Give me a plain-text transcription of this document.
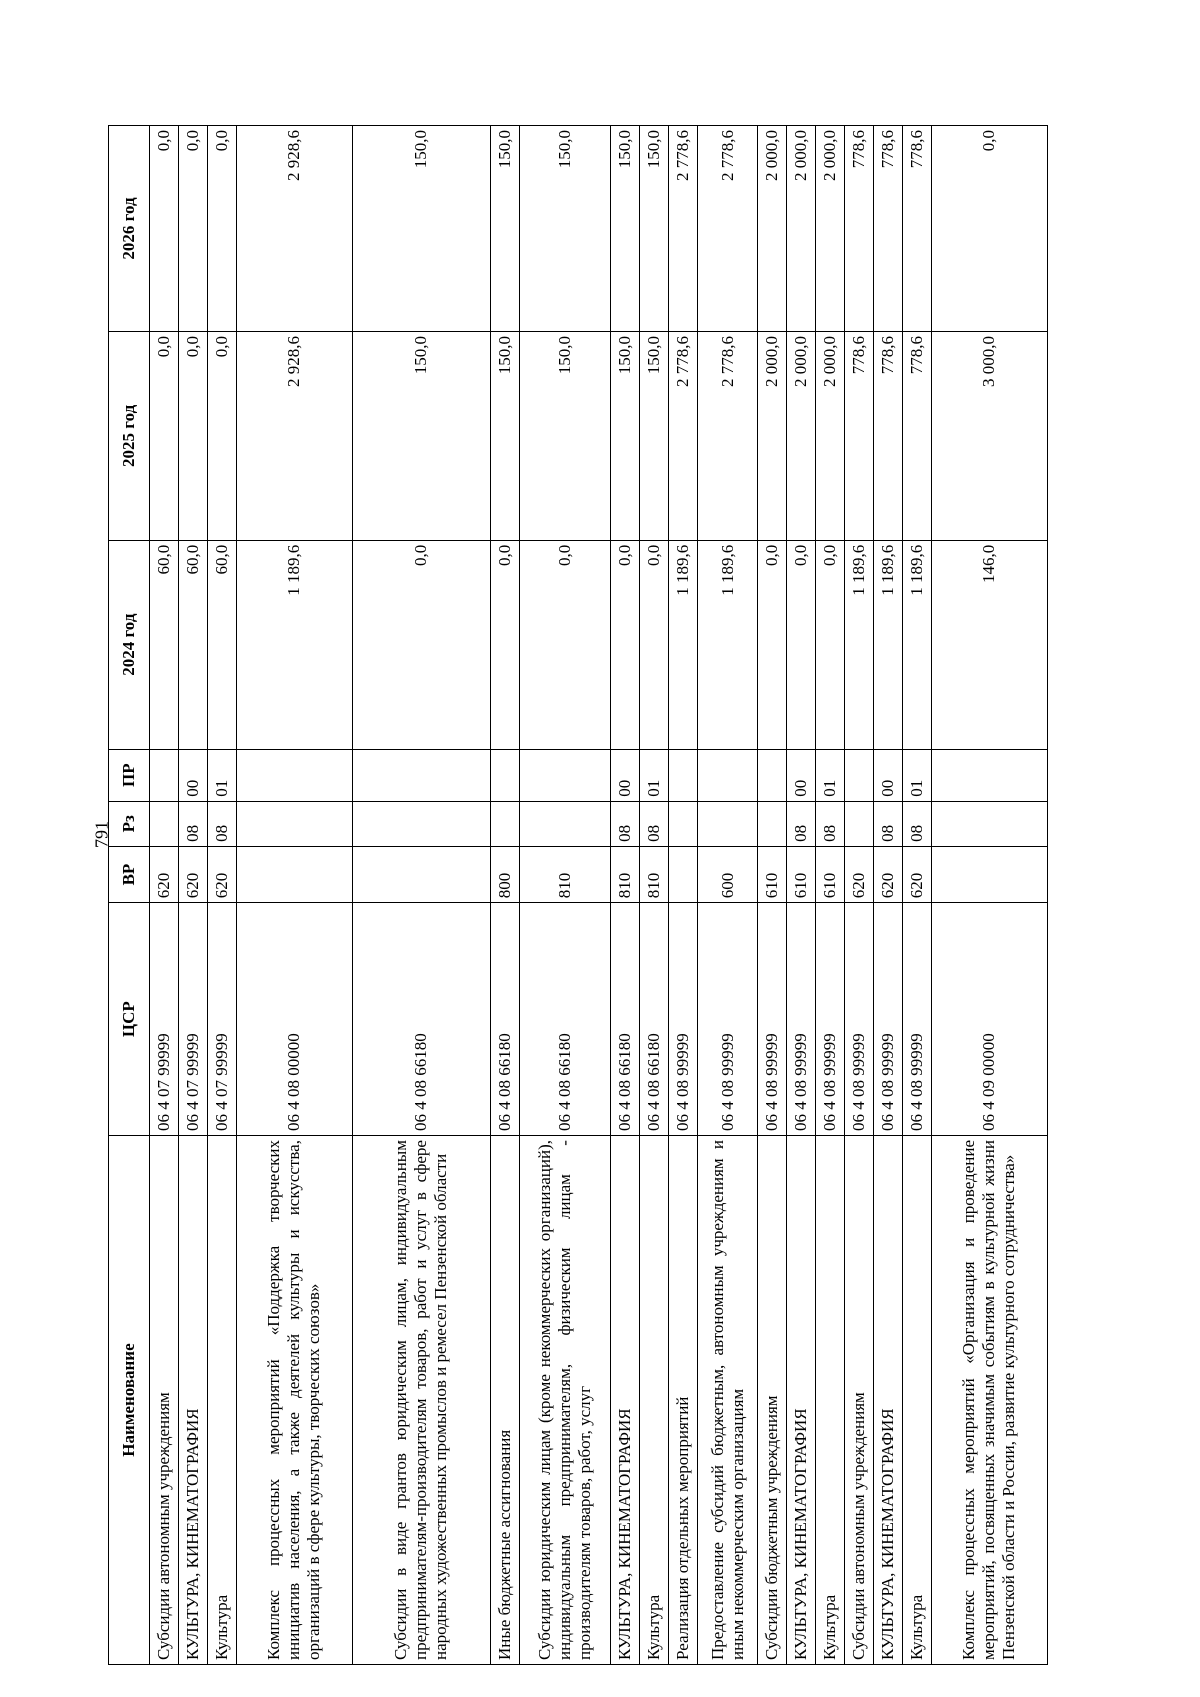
791
Наименование	ЦСР	ВР	Рз	ПР	2024 год	2025 год	2026 год
Субсидии автономным учреждениям	06 4 07 99999	620			60,0	0,0	0,0
КУЛЬТУРА, КИНЕМАТОГРАФИЯ	06 4 07 99999	620	08	00	60,0	0,0	0,0
Культура	06 4 07 99999	620	08	01	60,0	0,0	0,0
Комплекс процессных мероприятий «Поддержка творческих инициатив населения, а также деятелей культуры и искусства, организаций в сфере культуры, творческих союзов»	06 4 08 00000				1 189,6	2 928,6	2 928,6
Субсидии в виде грантов юридическим лицам, индивидуальным предпринимателям-производителям товаров, работ и услуг в сфере народных художественных промыслов и ремесел Пензенской области	06 4 08 66180				0,0	150,0	150,0
Иные бюджетные ассигнования	06 4 08 66180	800			0,0	150,0	150,0
Субсидии юридическим лицам (кроме некоммерческих организаций), индивидуальным предпринимателям, физическим лицам - производителям товаров, работ, услуг	06 4 08 66180	810			0,0	150,0	150,0
КУЛЬТУРА, КИНЕМАТОГРАФИЯ	06 4 08 66180	810	08	00	0,0	150,0	150,0
Культура	06 4 08 66180	810	08	01	0,0	150,0	150,0
Реализация отдельных мероприятий	06 4 08 99999				1 189,6	2 778,6	2 778,6
Предоставление субсидий бюджетным, автономным учреждениям и иным некоммерческим организациям	06 4 08 99999	600			1 189,6	2 778,6	2 778,6
Субсидии бюджетным учреждениям	06 4 08 99999	610			0,0	2 000,0	2 000,0
КУЛЬТУРА, КИНЕМАТОГРАФИЯ	06 4 08 99999	610	08	00	0,0	2 000,0	2 000,0
Культура	06 4 08 99999	610	08	01	0,0	2 000,0	2 000,0
Субсидии автономным учреждениям	06 4 08 99999	620			1 189,6	778,6	778,6
КУЛЬТУРА, КИНЕМАТОГРАФИЯ	06 4 08 99999	620	08	00	1 189,6	778,6	778,6
Культура	06 4 08 99999	620	08	01	1 189,6	778,6	778,6
Комплекс процессных мероприятий «Организация и проведение мероприятий, посвященных значимым событиям в культурной жизни Пензенской области и России, развитие культурного сотрудничества»	06 4 09 00000				146,0	3 000,0	0,0
